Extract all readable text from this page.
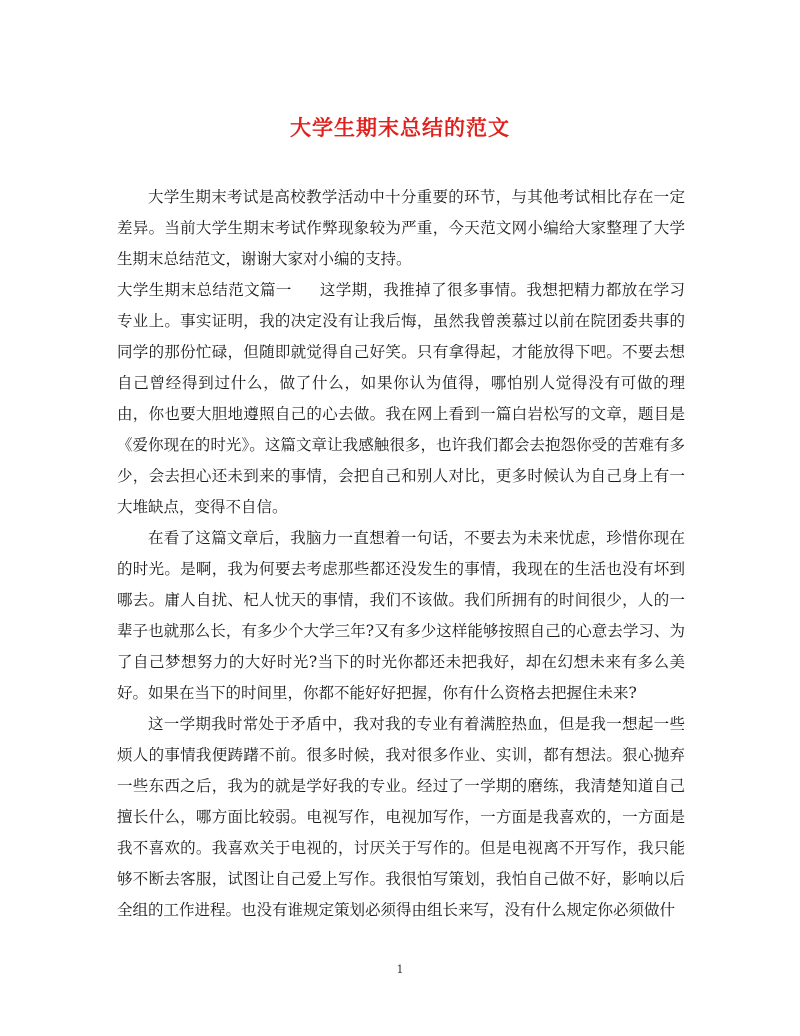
大学生期末总结的范文

大学生期末考试是高校教学活动中十分重要的环节，与其他考试相比存在一定差异。当前大学生期末考试作弊现象较为严重，今天范文网小编给大家整理了大学生期末总结范文，谢谢大家对小编的支持。

大学生期末总结范文篇一 这学期，我推掉了很多事情。我想把精力都放在学习专业上。事实证明，我的决定没有让我后悔，虽然我曾羡慕过以前在院团委共事的同学的那份忙碌，但随即就觉得自己好笑。只有拿得起，才能放得下吧。不要去想自己曾经得到过什么，做了什么，如果你认为值得，哪怕别人觉得没有可做的理由，你也要大胆地遵照自己的心去做。我在网上看到一篇白岩松写的文章，题目是《爱你现在的时光》。这篇文章让我感触很多，也许我们都会去抱怨你受的苦难有多少，会去担心还未到来的事情，会把自己和别人对比，更多时候认为自己身上有一大堆缺点，变得不自信。

在看了这篇文章后，我脑力一直想着一句话，不要去为未来忧虑，珍惜你现在的时光。是啊，我为何要去考虑那些都还没发生的事情，我现在的生活也没有坏到哪去。庸人自扰、杞人忧天的事情，我们不该做。我们所拥有的时间很少，人的一辈子也就那么长，有多少个大学三年?又有多少这样能够按照自己的心意去学习、为了自己梦想努力的大好时光?当下的时光你都还未把我好，却在幻想未来有多么美好。如果在当下的时间里，你都不能好好把握，你有什么资格去把握住未来?

这一学期我时常处于矛盾中，我对我的专业有着满腔热血，但是我一想起一些烦人的事情我便踌躇不前。很多时候，我对很多作业、实训，都有想法。狠心抛弃一些东西之后，我为的就是学好我的专业。经过了一学期的磨练，我清楚知道自己擅长什么，哪方面比较弱。电视写作，电视加写作，一方面是我喜欢的，一方面是我不喜欢的。我喜欢关于电视的，讨厌关于写作的。但是电视离不开写作，我只能够不断去客服，试图让自己爱上写作。我很怕写策划，我怕自己做不好，影响以后全组的工作进程。也没有谁规定策划必须得由组长来写，没有什么规定你必须做什

1
